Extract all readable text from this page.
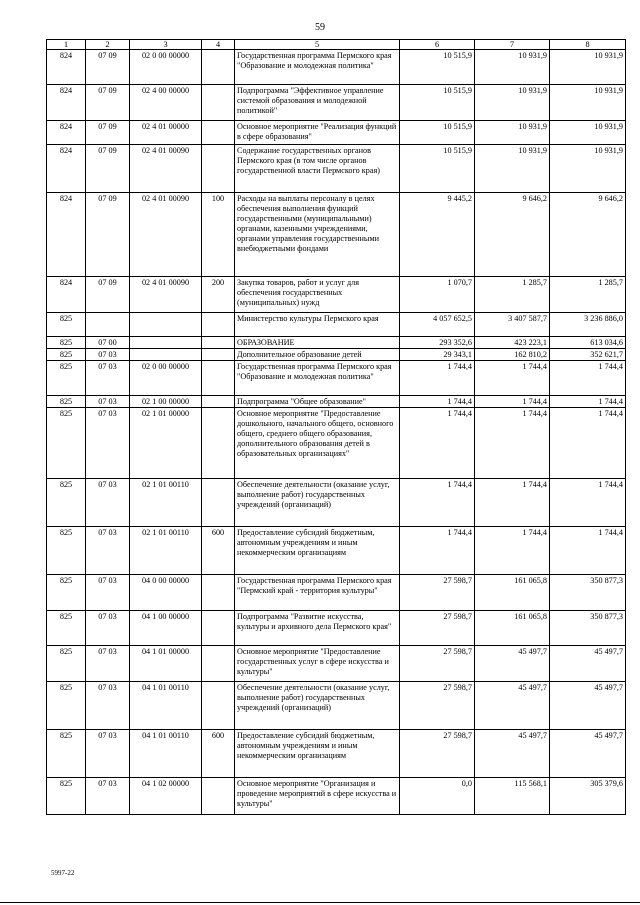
59
1	2	3	4	5	6	7	8
824	07 09	02 0 00 00000		Государственная программа Пермского края "Образование и молодежная политика"	10 515,9	10 931,9	10 931,9
824	07 09	02 4 00 00000		Подпрограмма "Эффективное управление системой образования и молодежной политикой"	10 515,9	10 931,9	10 931,9
824	07 09	02 4 01 00000		Основное мероприятие "Реализация функций в сфере образования"	10 515,9	10 931,9	10 931,9
824	07 09	02 4 01 00090		Содержание государственных органов Пермского края (в том числе органов государственной власти Пермского края)	10 515,9	10 931,9	10 931,9
824	07 09	02 4 01 00090	100	Расходы на выплаты персоналу в целях обеспечения выполнения функций государственными (муниципальными) органами, казенными учреждениями, органами управления государственными внебюджетными фондами	9 445,2	9 646,2	9 646,2
824	07 09	02 4 01 00090	200	Закупка товаров, работ и услуг для обеспечения государственных (муниципальных) нужд	1 070,7	1 285,7	1 285,7
825				Министерство культуры Пермского края	4 057 652,5	3 407 587,7	3 236 886,0
825	07 00			ОБРАЗОВАНИЕ	293 352,6	423 223,1	613 034,6
825	07 03			Дополнительное образование детей	29 343,1	162 810,2	352 621,7
825	07 03	02 0 00 00000		Государственная программа Пермского края "Образование и молодежная политика"	1 744,4	1 744,4	1 744,4
825	07 03	02 1 00 00000		Подпрограмма "Общее образование"	1 744,4	1 744,4	1 744,4
825	07 03	02 1 01 00000		Основное мероприятие "Предоставление дошкольного, начального общего, основного общего, среднего общего образования, дополнительного образования детей в образовательных организациях"	1 744,4	1 744,4	1 744,4
825	07 03	02 1 01 00110		Обеспечение деятельности (оказание услуг, выполнение работ) государственных учреждений (организаций)	1 744,4	1 744,4	1 744,4
825	07 03	02 1 01 00110	600	Предоставление субсидий бюджетным, автономным учреждениям и иным некоммерческим организациям	1 744,4	1 744,4	1 744,4
825	07 03	04 0 00 00000		Государственная программа Пермского края "Пермский край - территория культуры"	27 598,7	161 065,8	350 877,3
825	07 03	04 1 00 00000		Подпрограмма "Развитие искусства, культуры и архивного дела Пермского края"	27 598,7	161 065,8	350 877,3
825	07 03	04 1 01 00000		Основное мероприятие "Предоставление государственных услуг в сфере искусства и культуры"	27 598,7	45 497,7	45 497,7
825	07 03	04 1 01 00110		Обеспечение деятельности (оказание услуг, выполнение работ) государственных учреждений (организаций)	27 598,7	45 497,7	45 497,7
825	07 03	04 1 01 00110	600	Предоставление субсидий бюджетным, автономным учреждениям и иным некоммерческим организациям	27 598,7	45 497,7	45 497,7
825	07 03	04 1 02 00000		Основное мероприятие "Организация и проведение мероприятий в сфере искусства и культуры"	0,0	115 568,1	305 379,6
5997-22
